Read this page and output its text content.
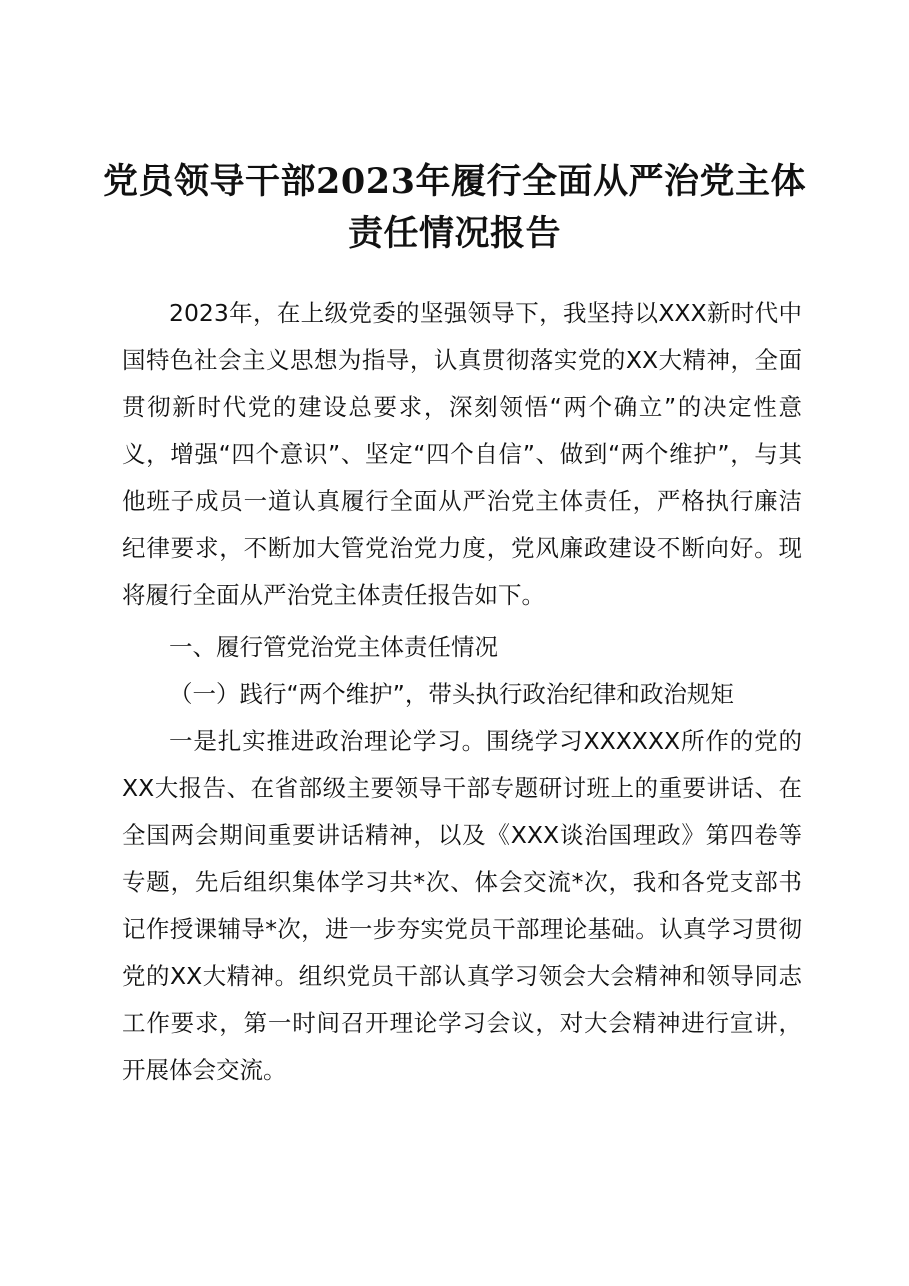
党员领导干部2023年履行全面从严治党主体
责任情况报告

2023年，在上级党委的坚强领导下，我坚持以XXX新时代中国特色社会主义思想为指导，认真贯彻落实党的XX大精神，全面贯彻新时代党的建设总要求，深刻领悟“两个确立”的决定性意义，增强“四个意识”、坚定“四个自信”、做到“两个维护”，与其他班子成员一道认真履行全面从严治党主体责任，严格执行廉洁纪律要求，不断加大管党治党力度，党风廉政建设不断向好。现将履行全面从严治党主体责任报告如下。

一、履行管党治党主体责任情况

（一）践行“两个维护”，带头执行政治纪律和政治规矩

一是扎实推进政治理论学习。围绕学习XXXXXX所作的党的XX大报告、在省部级主要领导干部专题研讨班上的重要讲话、在全国两会期间重要讲话精神，以及《XXX谈治国理政》第四卷等专题，先后组织集体学习共*次、体会交流*次，我和各党支部书记作授课辅导*次，进一步夯实党员干部理论基础。认真学习贯彻党的XX大精神。组织党员干部认真学习领会大会精神和领导同志工作要求，第一时间召开理论学习会议，对大会精神进行宣讲，开展体会交流。
